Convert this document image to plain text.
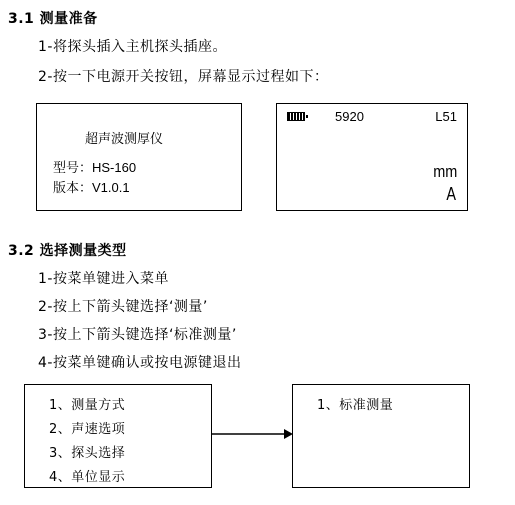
3.1 测量准备
1-将探头插入主机探头插座。
2-按一下电源开关按钮，屏幕显示过程如下：
超声波测厚仪
型号：HS-160
版本：V1.0.1
5920	L51
mm
A
3.2 选择测量类型
1-按菜单键进入菜单
2-按上下箭头键选择‘测量’
3-按上下箭头键选择‘标准测量’
4-按菜单键确认或按电源键退出
1、测量方式
2、声速选项
3、探头选择
4、单位显示
1、标准测量
